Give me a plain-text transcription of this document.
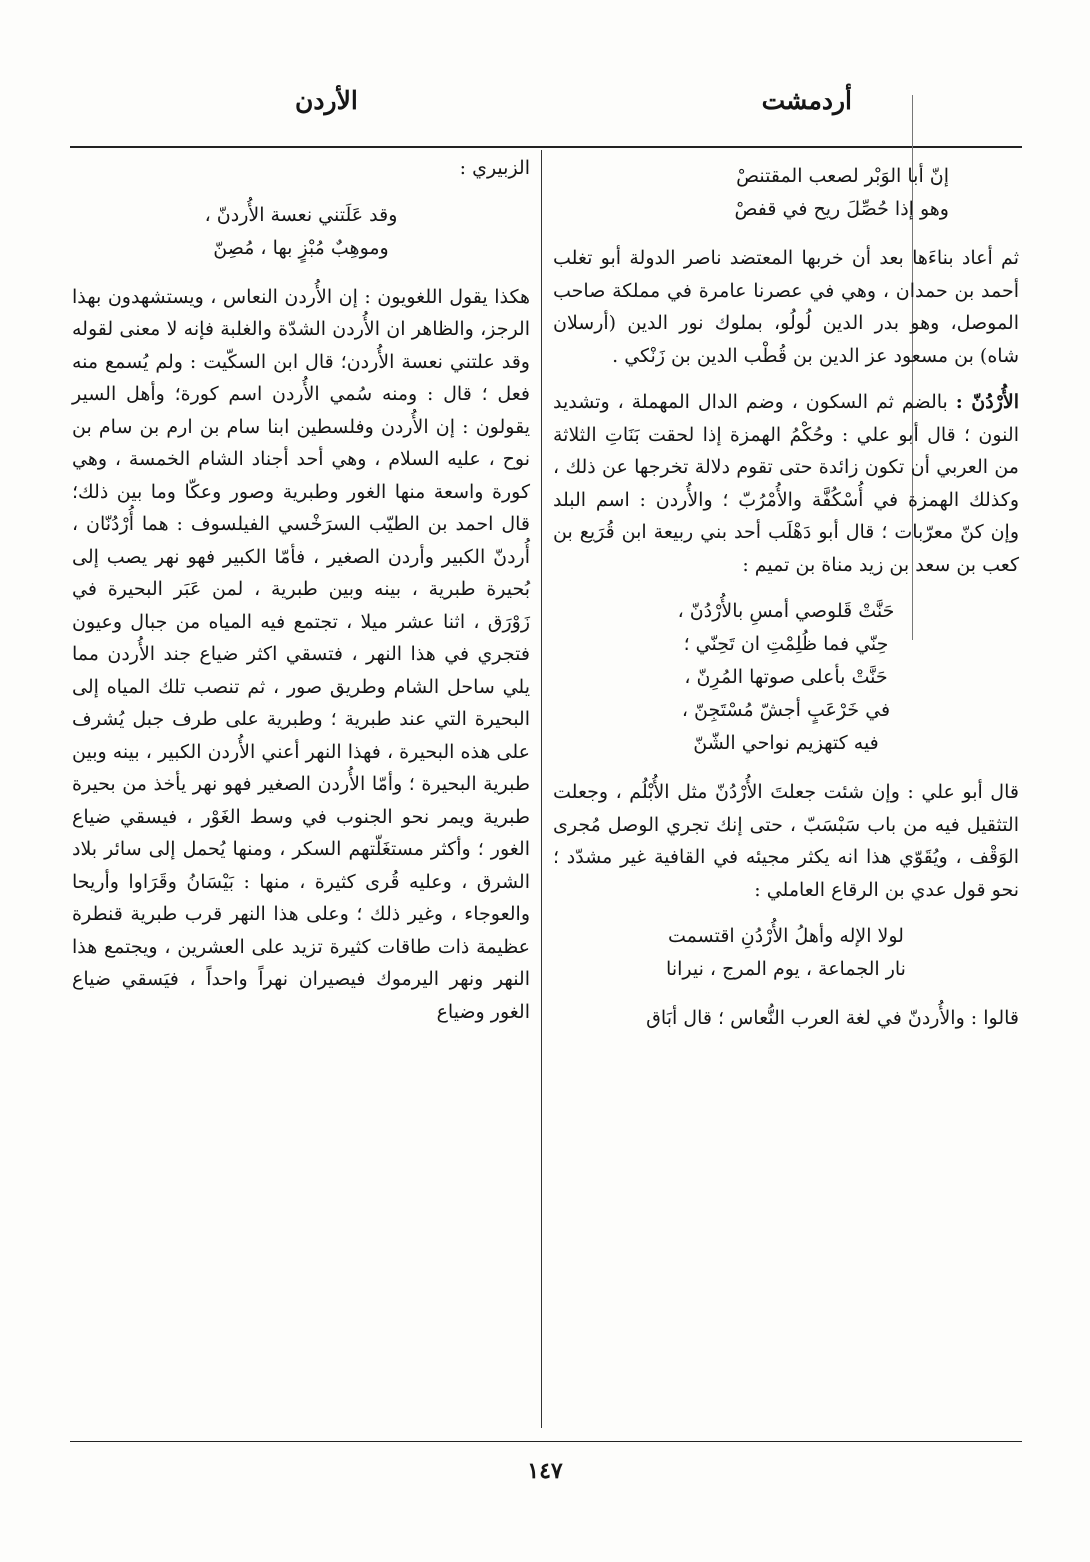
أردمشت
الأردن
إنّ أبا الوَبْر لصعب المقتنصْ
وهو إذا حُصِّلَ ريح في قفصْ

ثم أعاد بناءَها بعد أن خربها المعتضد ناصر الدولة أبو تغلب أحمد بن حمدان ، وهي في عصرنا عامرة في مملكة صاحب الموصل، وهو بدر الدين لُولُو، بملوك نور الدين (أرسلان شاه) بن مسعود عز الدين بن قُطْب الدين بن زَنْكي .

الأُرْدُنّ : بالضم ثم السكون ، وضم الدال المهملة ، وتشديد النون ؛ قال أبو علي : وحُكْمُ الهمزة إذا لحقت بَنَاتِ الثلاثة من العربي أن تكون زائدة حتى تقوم دلالة تخرجها عن ذلك ، وكذلك الهمزة في أُسْكُفَّة والأُمْرُبّ ؛ والأُردن : اسم البلد وإن كنّ معرّبات ؛ قال أبو دَهْلَب أحد بني ربيعة ابن قُرَيع بن كعب بن سعد بن زيد مناة بن تميم :

حَنَّتْ قَلوصي أمسِ بالأُرْدُنّ ،
حِنّي فما ظُلِمْتِ ان تَحِنّي ؛
حَنَّتْ بأعلى صوتها المُرِنّ ،
في خَرْعَبٍ أجشّ مُسْتَجِنّ ،
فيه كتهزيم نواحي الشّنّ

قال أبو علي : وإن شئت جعلتَ الأُرْدُنّ مثل الأُبْلُم ، وجعلت التثقيل فيه من باب سَبْسَبّ ، حتى إنك تجري الوصل مُجرى الوَقْف ، ويُقَوّي هذا انه يكثر مجيئه في القافية غير مشدّد ؛ نحو قول عدي بن الرقاع العاملي :

لولا الإله وأهلُ الأُرْدُنِ اقتسمت
نار الجماعة ، يوم المرج ، نيرانا

قالوا : والأُردنّ في لغة العرب النُّعاس ؛ قال أبَاق

الزبيري :

وقد عَلَتني نعسة الأُردنّ ،
وموهِبٌ مُبْزٍ بها ، مُصِنّ

هكذا يقول اللغويون : إن الأُردن النعاس ، ويستشهدون بهذا الرجز، والظاهر ان الأُردن الشدّة والغلبة فإنه لا معنى لقوله وقد علتني نعسة الأُردن؛ قال ابن السكّيت : ولم يُسمع منه فعل ؛ قال : ومنه سُمي الأُردن اسم كورة؛ وأهل السير يقولون : إن الأُردن وفلسطين ابنا سام بن ارم بن سام بن نوح ، عليه السلام ، وهي أحد أجناد الشام الخمسة ، وهي كورة واسعة منها الغور وطبرية وصور وعكّا وما بين ذلك؛ قال احمد بن الطيّب السرَخْسي الفيلسوف : هما أُرْدُنّان ، أُردنّ الكبير وأردن الصغير ، فأمّا الكبير فهو نهر يصب إلى بُحيرة طبرية ، بينه وبين طبرية ، لمن عَبَر البحيرة في زَوْرَق ، اثنا عشر ميلا ، تجتمع فيه المياه من جبال وعيون فتجري في هذا النهر ، فتسقي اكثر ضياع جند الأُردن مما يلي ساحل الشام وطريق صور ، ثم تنصب تلك المياه إلى البحيرة التي عند طبرية ؛ وطبرية على طرف جبل يُشرف على هذه البحيرة ، فهذا النهر أعني الأُردن الكبير ، بينه وبين طبرية البحيرة ؛ وأمّا الأُردن الصغير فهو نهر يأخذ من بحيرة طبرية ويمر نحو الجنوب في وسط الغَوْر ، فيسقي ضياع الغور ؛ وأكثر مستغَلّتهم السكر ، ومنها يُحمل إلى سائر بلاد الشرق ، وعليه قُرى كثيرة ، منها : بَيْسَانُ وقَرَاوا وأريحا والعوجاء ، وغير ذلك ؛ وعلى هذا النهر قرب طبرية قنطرة عظيمة ذات طاقات كثيرة تزيد على العشرين ، ويجتمع هذا النهر ونهر اليرموك فيصيران نهراً واحداً ، فيَسقي ضياع الغور وضياع

١٤٧
